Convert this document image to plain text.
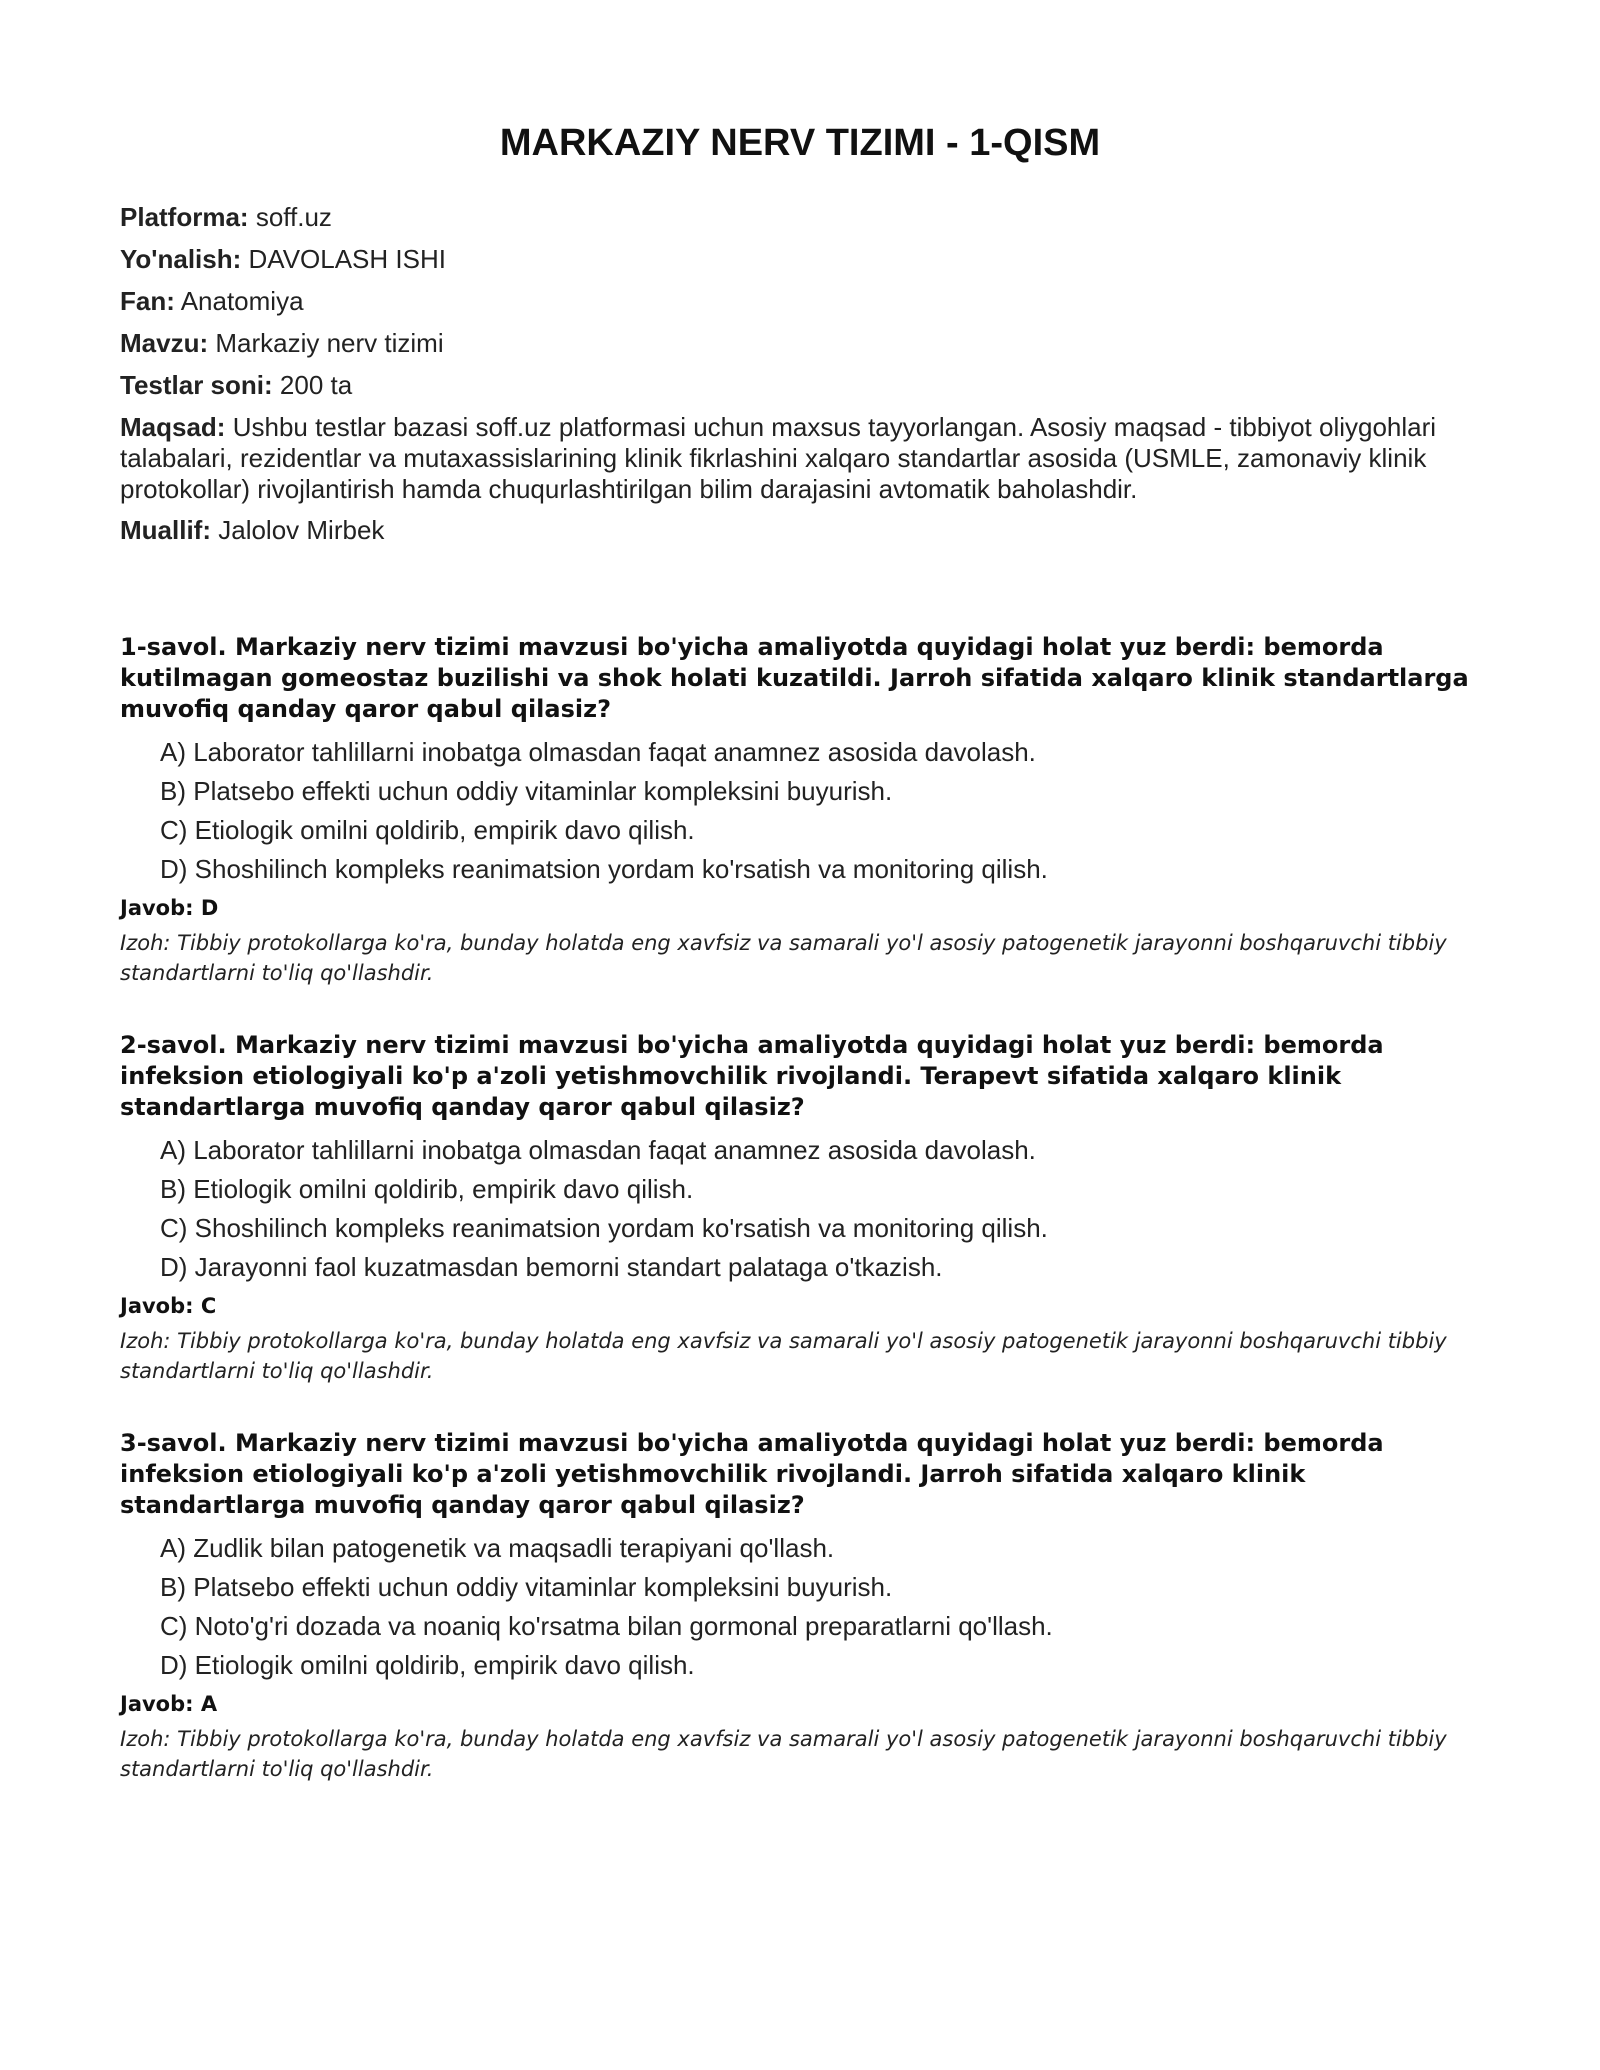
MARKAZIY NERV TIZIMI - 1-QISM

Platforma: soff.uz

Yo'nalish: DAVOLASH ISHI

Fan: Anatomiya

Mavzu: Markaziy nerv tizimi

Testlar soni: 200 ta

Maqsad: Ushbu testlar bazasi soff.uz platformasi uchun maxsus tayyorlangan. Asosiy maqsad - tibbiyot oliygohlari talabalari, rezidentlar va mutaxassislarining klinik fikrlashini xalqaro standartlar asosida (USMLE, zamonaviy klinik protokollar) rivojlantirish hamda chuqurlashtirilgan bilim darajasini avtomatik baholashdir.

Muallif: Jalolov Mirbek

1-savol. Markaziy nerv tizimi mavzusi bo'yicha amaliyotda quyidagi holat yuz berdi: bemorda kutilmagan gomeostaz buzilishi va shok holati kuzatildi. Jarroh sifatida xalqaro klinik standartlarga muvofiq qanday qaror qabul qilasiz?

A) Laborator tahlillarni inobatga olmasdan faqat anamnez asosida davolash.
B) Platsebo effekti uchun oddiy vitaminlar kompleksini buyurish.
C) Etiologik omilni qoldirib, empirik davo qilish.
D) Shoshilinch kompleks reanimatsion yordam ko'rsatish va monitoring qilish.

Javob: D

Izoh: Tibbiy protokollarga ko'ra, bunday holatda eng xavfsiz va samarali yo'l asosiy patogenetik jarayonni boshqaruvchi tibbiy standartlarni to'liq qo'llashdir.

2-savol. Markaziy nerv tizimi mavzusi bo'yicha amaliyotda quyidagi holat yuz berdi: bemorda infeksion etiologiyali ko'p a'zoli yetishmovchilik rivojlandi. Terapevt sifatida xalqaro klinik standartlarga muvofiq qanday qaror qabul qilasiz?

A) Laborator tahlillarni inobatga olmasdan faqat anamnez asosida davolash.
B) Etiologik omilni qoldirib, empirik davo qilish.
C) Shoshilinch kompleks reanimatsion yordam ko'rsatish va monitoring qilish.
D) Jarayonni faol kuzatmasdan bemorni standart palataga o'tkazish.

Javob: C

Izoh: Tibbiy protokollarga ko'ra, bunday holatda eng xavfsiz va samarali yo'l asosiy patogenetik jarayonni boshqaruvchi tibbiy standartlarni to'liq qo'llashdir.

3-savol. Markaziy nerv tizimi mavzusi bo'yicha amaliyotda quyidagi holat yuz berdi: bemorda infeksion etiologiyali ko'p a'zoli yetishmovchilik rivojlandi. Jarroh sifatida xalqaro klinik standartlarga muvofiq qanday qaror qabul qilasiz?

A) Zudlik bilan patogenetik va maqsadli terapiyani qo'llash.
B) Platsebo effekti uchun oddiy vitaminlar kompleksini buyurish.
C) Noto'g'ri dozada va noaniq ko'rsatma bilan gormonal preparatlarni qo'llash.
D) Etiologik omilni qoldirib, empirik davo qilish.

Javob: A

Izoh: Tibbiy protokollarga ko'ra, bunday holatda eng xavfsiz va samarali yo'l asosiy patogenetik jarayonni boshqaruvchi tibbiy standartlarni to'liq qo'llashdir.
